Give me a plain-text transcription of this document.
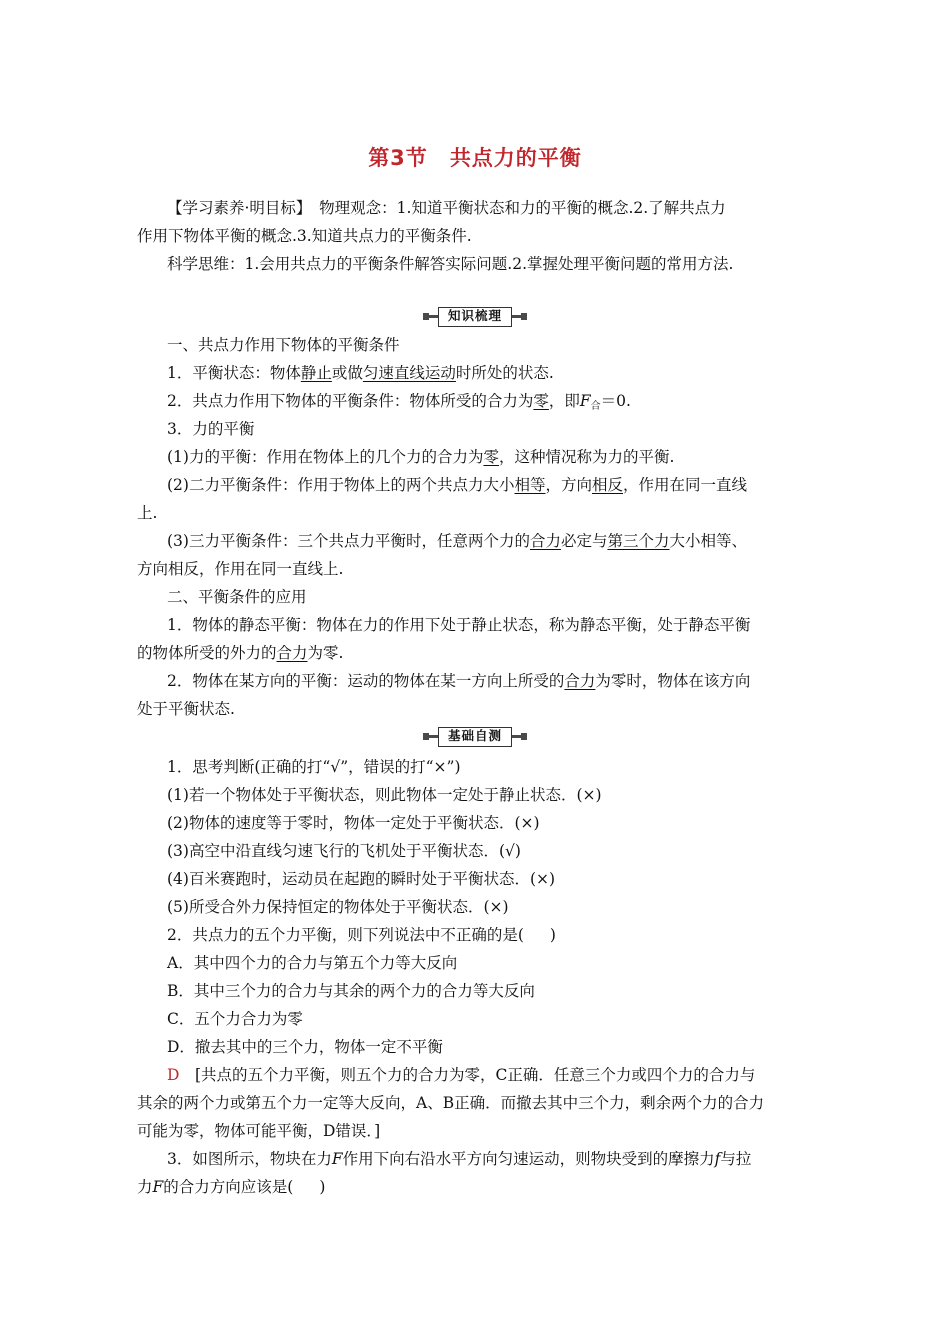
第3节 共点力的平衡
【学习素养·明目标】　物理观念：1.知道平衡状态和力的平衡的概念.2.了解共点力
作用下物体平衡的概念.3.知道共点力的平衡条件.
科学思维：1.会用共点力的平衡条件解答实际问题.2.掌握处理平衡问题的常用方法.
知识梳理
一、共点力作用下物体的平衡条件
1．平衡状态：物体静止或做匀速直线运动时所处的状态.
2．共点力作用下物体的平衡条件：物体所受的合力为零，即$F_合=0$.
3．力的平衡
(1)力的平衡：作用在物体上的几个力的合力为零，这种情况称为力的平衡.
(2)二力平衡条件：作用于物体上的两个共点力大小相等，方向相反，作用在同一直线
上.
(3)三力平衡条件：三个共点力平衡时，任意两个力的合力必定与第三个力大小相等、
方向相反，作用在同一直线上.
二、平衡条件的应用
1．物体的静态平衡：物体在力的作用下处于静止状态，称为静态平衡，处于静态平衡
的物体所受的外力的合力为零.
2．物体在某方向的平衡：运动的物体在某一方向上所受的合力为零时，物体在该方向
处于平衡状态.
基础自测
1．思考判断(正确的打“√”，错误的打“×”)
(1)若一个物体处于平衡状态，则此物体一定处于静止状态．(×)
(2)物体的速度等于零时，物体一定处于平衡状态．(×)
(3)高空中沿直线匀速飞行的飞机处于平衡状态．(√)
(4)百米赛跑时，运动员在起跑的瞬时处于平衡状态．(×)
(5)所受合外力保持恒定的物体处于平衡状态．(×)
2．共点力的五个力平衡，则下列说法中不正确的是( )
A．其中四个力的合力与第五个力等大反向
B．其中三个力的合力与其余的两个力的合力等大反向
C．五个力合力为零
D．撤去其中的三个力，物体一定不平衡
D　[共点的五个力平衡，则五个力的合力为零，C正确．任意三个力或四个力的合力与
其余的两个力或第五个力一定等大反向，A、B正确．而撤去其中三个力，剩余两个力的合力
可能为零，物体可能平衡，D错误．]
3．如图所示，物块在力F作用下向右沿水平方向匀速运动，则物块受到的摩擦力f与拉
力F的合力方向应该是( )
